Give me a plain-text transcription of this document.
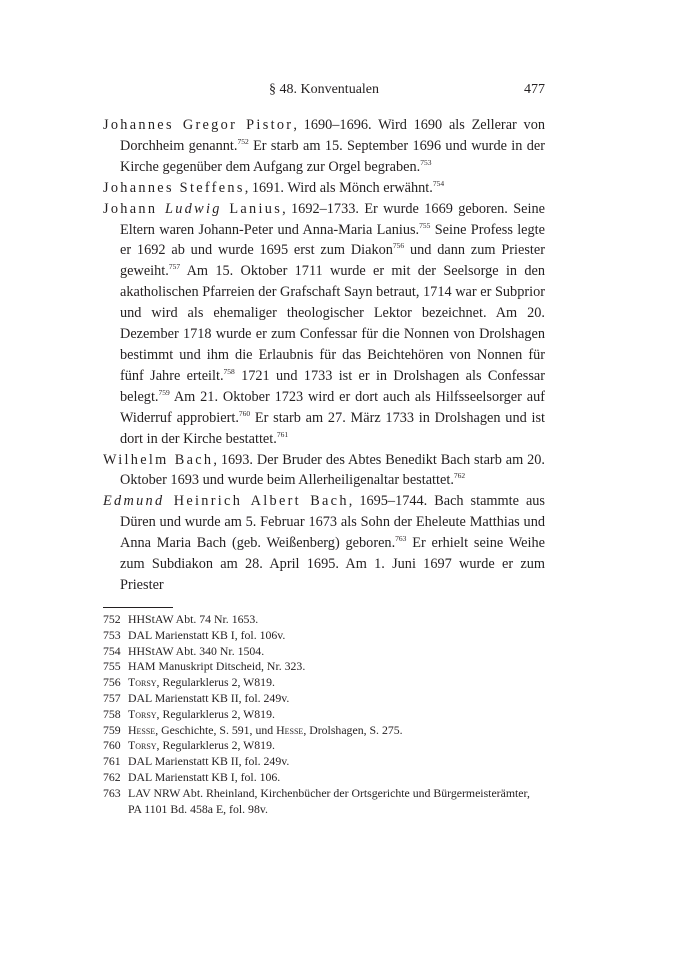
§ 48. Konventualen	477
Johannes Gregor Pistor, 1690–1696. Wird 1690 als Zellerar von Dorchheim genannt.$^{752}$ Er starb am 15. September 1696 und wurde in der Kirche gegenüber dem Aufgang zur Orgel begraben.$^{753}$
Johannes Steffens, 1691. Wird als Mönch erwähnt.$^{754}$
Johann Ludwig Lanius, 1692–1733. Er wurde 1669 geboren. Seine Eltern waren Johann-Peter und Anna-Maria Lanius.$^{755}$ Seine Profess legte er 1692 ab und wurde 1695 erst zum Diakon$^{756}$ und dann zum Priester geweiht.$^{757}$ Am 15. Oktober 1711 wurde er mit der Seelsorge in den akatholischen Pfarreien der Grafschaft Sayn betraut, 1714 war er Subprior und wird als ehemaliger theologischer Lektor bezeichnet. Am 20. Dezember 1718 wurde er zum Confessar für die Nonnen von Drolshagen bestimmt und ihm die Erlaubnis für das Beichtehören von Nonnen für fünf Jahre erteilt.$^{758}$ 1721 und 1733 ist er in Drolshagen als Confessar belegt.$^{759}$ Am 21. Oktober 1723 wird er dort auch als Hilfsseelsorger auf Widerruf approbiert.$^{760}$ Er starb am 27. März 1733 in Drolshagen und ist dort in der Kirche bestattet.$^{761}$
Wilhelm Bach, 1693. Der Bruder des Abtes Benedikt Bach starb am 20. Oktober 1693 und wurde beim Allerheiligenaltar bestattet.$^{762}$
Edmund Heinrich Albert Bach, 1695–1744. Bach stammte aus Düren und wurde am 5. Februar 1673 als Sohn der Eheleute Matthias und Anna Maria Bach (geb. Weißenberg) geboren.$^{763}$ Er erhielt seine Weihe zum Subdiakon am 28. April 1695. Am 1. Juni 1697 wurde er zum Priester
752 HHStAW Abt. 74 Nr. 1653.
753 DAL Marienstatt KB I, fol. 106v.
754 HHStAW Abt. 340 Nr. 1504.
755 HAM Manuskript Ditscheid, Nr. 323.
756 Torsy, Regularklerus 2, W819.
757 DAL Marienstatt KB II, fol. 249v.
758 Torsy, Regularklerus 2, W819.
759 Hesse, Geschichte, S. 591, und Hesse, Drolshagen, S. 275.
760 Torsy, Regularklerus 2, W819.
761 DAL Marienstatt KB II, fol. 249v.
762 DAL Marienstatt KB I, fol. 106.
763 LAV NRW Abt. Rheinland, Kirchenbücher der Ortsgerichte und Bürgermeisterämter, PA 1101 Bd. 458a E, fol. 98v.
